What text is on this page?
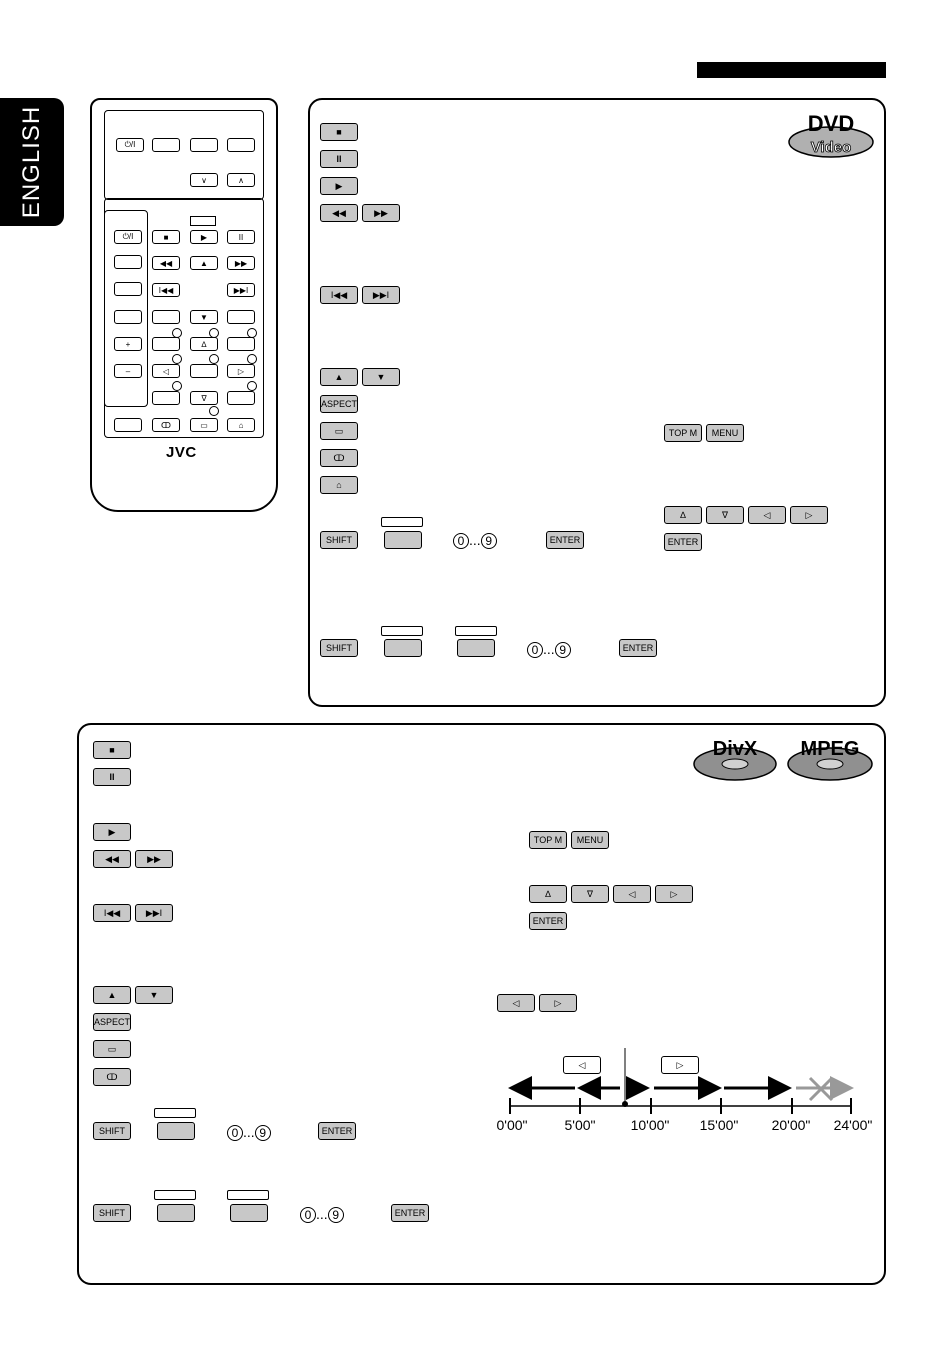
ENGLISH	⏻/I
∨	∧
⏻/I
+
–
■	▶	II
◀◀	▲	▶▶
I◀◀	▶▶I
▼
∆
◁	▷
∇
ↀ	▭	⌂
JVC
DVD
Video
■
II
▶
◀◀	▶▶
I◀◀	▶▶I
▲	▼
ASPECT
▭
ↀ
⌂
SHIFT	0 ... 9	ENTER
SHIFT	0 ... 9	ENTER
TOP M	MENU
∆	∇	◁	▷
ENTER
DivX MPEG
■
II
▶
◀◀	▶▶
I◀◀	▶▶I
▲	▼
ASPECT
▭
ↀ
SHIFT	0 ... 9	ENTER
SHIFT	0 ... 9	ENTER
TOP M	MENU
∆	∇	◁	▷
ENTER
◁	▷
◁	▷
0'00"	5'00"	10'00" 15'00" 20'00" 24'00"
